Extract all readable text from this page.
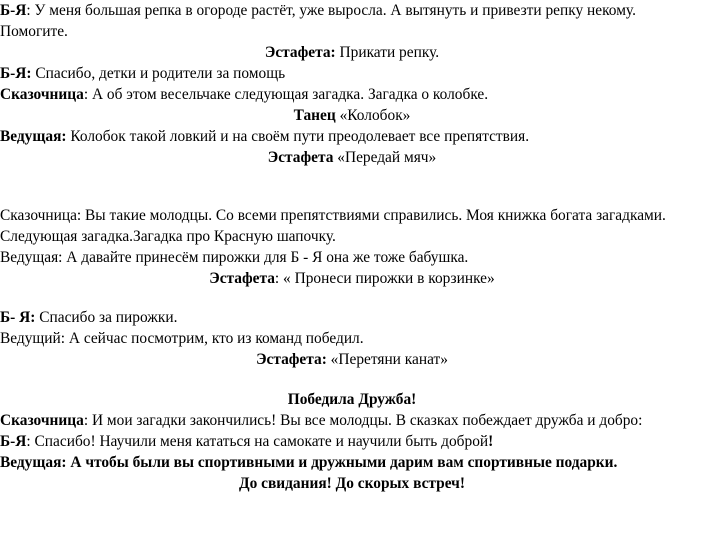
Б-Я: У меня большая репка в огороде растёт, уже выросла. А вытянуть и привезти репку некому.
Помогите.
Эстафета: Прикати репку.
Б-Я: Спасибо, детки и родители за помощь
Сказочница: А об этом весельчаке следующая загадка. Загадка о колобке.
Танец «Колобок»
Ведущая: Колобок такой ловкий и на своём пути преодолевает все препятствия.
Эстафета «Передай мяч»
Сказочница: Вы такие молодцы. Со всеми препятствиями справились. Моя книжка богата загадками.
Следующая загадка.Загадка про Красную шапочку.
Ведущая: А давайте принесём пирожки для Б - Я она же тоже бабушка.
Эстафета: « Пронеси пирожки в корзинке»
Б- Я: Спасибо за пирожки.
Ведущий: А сейчас посмотрим, кто из команд победил.
Эстафета: «Перетяни канат»
Победила Дружба!
Сказочница: И мои загадки закончились! Вы все молодцы. В сказках побеждает дружба и добро:
Б-Я: Спасибо! Научили меня кататься на самокате и научили быть доброй!
Ведущая: А чтобы были вы спортивными и дружными дарим вам спортивные подарки.
До свидания! До скорых встреч!
